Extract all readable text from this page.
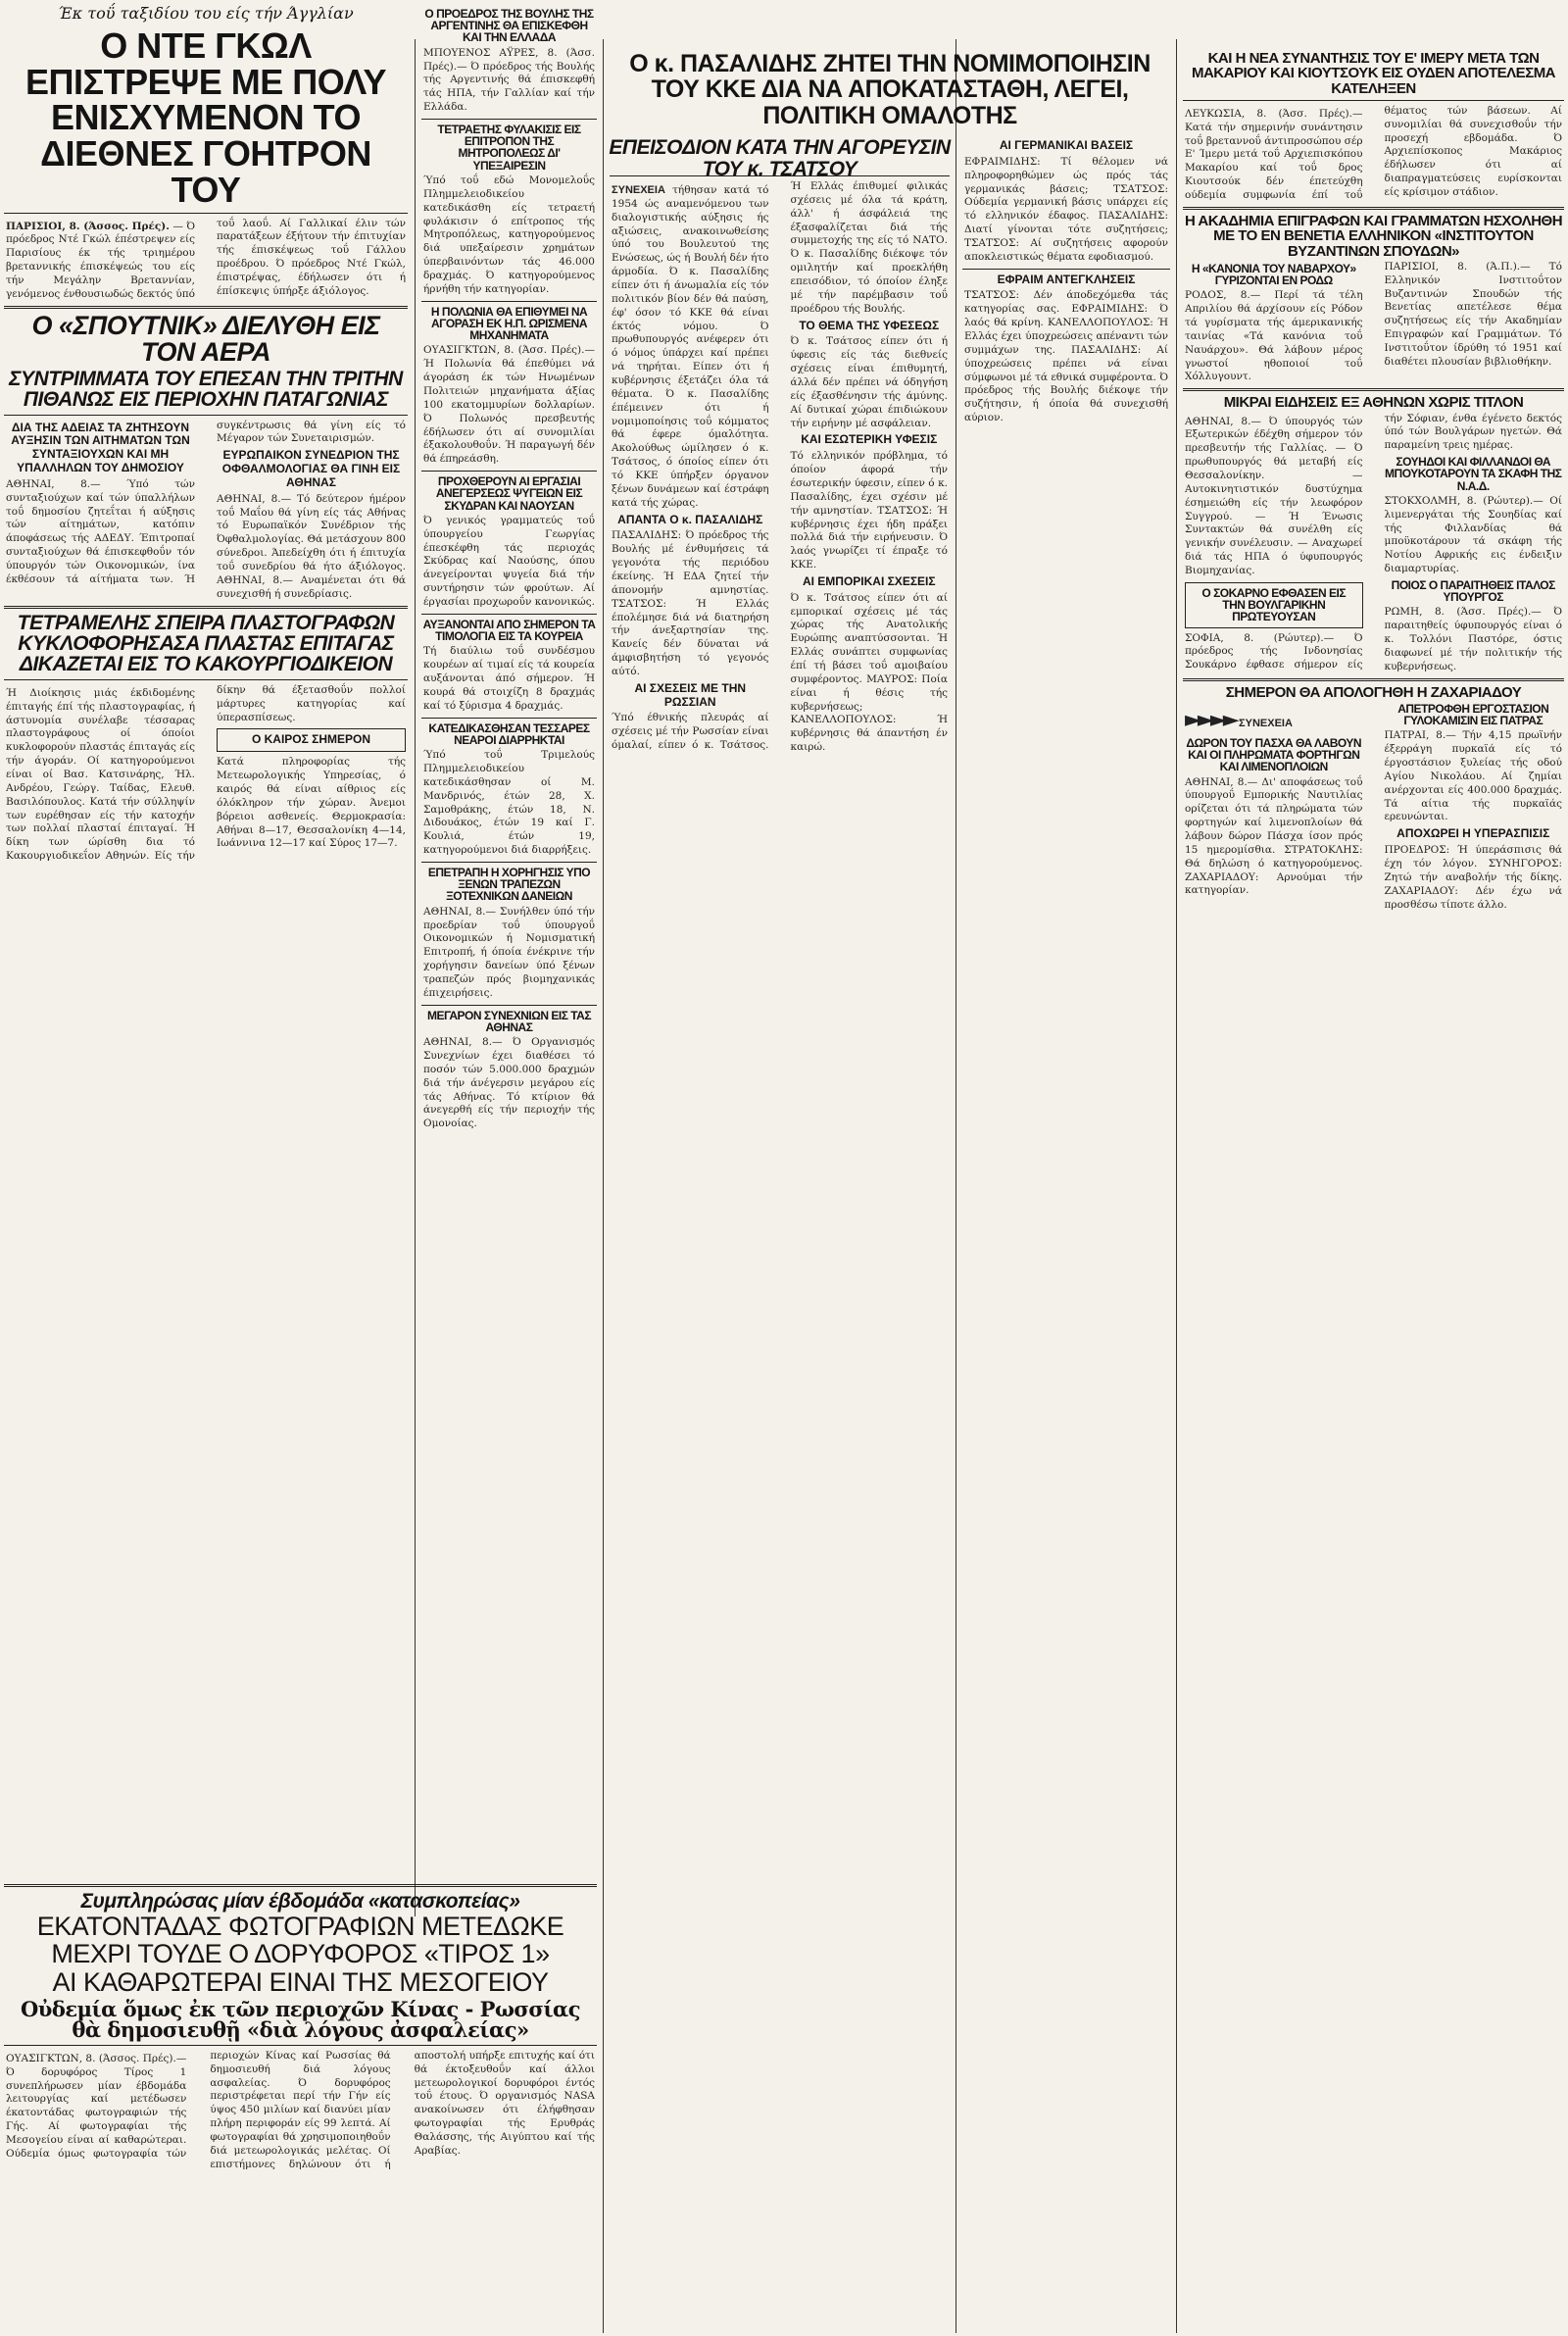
Έκ τοΰ ταξιδίου του είς τήν Άγγλίαν
Ο ΝΤΕ ΓΚΩΛ ΕΠΙΣΤΡΕΨΕ ΜΕ ΠΟΛΥ ΕΝΙΣΧΥΜΕΝΟΝ ΤΟ ΔΙΕΘΝΕΣ ΓΟΗΤΡΟΝ ΤΟΥ
ΠΑΡΙΣΙΟΙ, 8. (Άσσος. Πρές). — Ό πρόεδρος Ντέ Γκώλ έπέστρεψεν είς Παρισίους έκ τής τριημέρου βρεταννικής έπισκέψεώς του είς τήν Μεγάλην Βρεταννίαν, γενόμενος ένθουσιωδώς δεκτός ύπό τοΰ λαοΰ. Αί Γαλλικαί έλιν τών παρατάξεων έξήτουν τήν έπιτυχίαν τής έπισκέψεως τοΰ Γάλλου προέδρου. Ό πρόεδρος Ντέ Γκώλ, έπιστρέψας, έδήλωσεν ότι ή έπίσκεψις ύπήρξε άξιόλογος.
Ο «ΣΠΟΥΤΝΙΚ» ΔΙΕΛΥΘΗ ΕΙΣ ΤΟΝ ΑΕΡΑ
ΣΥΝΤΡΙΜΜΑΤΑ ΤΟΥ ΕΠΕΣΑΝ ΤΗΝ ΤΡΙΤΗΝ ΠΙΘΑΝΩΣ ΕΙΣ ΠΕΡΙΟΧΗΝ ΠΑΤΑΓΩΝΙΑΣ
ΔΙΑ ΤΗΣ ΑΔΕΙΑΣ ΤΑ ΖΗΤΗΣΟΥΝ ΑΥΞΗΣΙΝ ΤΩΝ ΑΙΤΗΜΑΤΩΝ ΤΩΝ ΣΥΝΤΑΞΙΟΥΧΩΝ ΚΑΙ ΜΗ ΥΠΑΛΛΗΛΩΝ ΤΟΥ ΔΗΜΟΣΙΟΥ
ΑΘΗΝΑΙ, 8.— Ύπό τών συνταξιούχων καί τών ύπαλλήλων τοΰ δημοσίου ζητεΐται ή αύξησις τών αίτημάτων, κατόπιν άποφάσεως τής ΑΔΕΔΥ. Έπιτροπαί συνταξιούχων θά έπισκεφθοΰν τόν ύπουργόν τών Οικονομικών, ίνα έκθέσουν τά αίτήματα των. Ή συγκέντρωσις θά γίνη είς τό Μέγαρον τών Συνεταιρισμών.
ΕΥΡΩΠΑΙΚΟΝ ΣΥΝΕΔΡΙΟΝ ΤΗΣ ΟΦΘΑΛΜΟΛΟΓΙΑΣ ΘΑ ΓΙΝΗ ΕΙΣ ΑΘΗΝΑΣ
ΑΘΗΝΑΙ, 8.— Τό δεύτερον ήμέρον τοΰ Μαΐου θά γίνη είς τάς Αθήνας τό Ευρωπαϊκόν Συνέδριον τής Όφθαλμολογίας. Θά μετάσχουν 800 σύνεδροι. Άπεδείχθη ότι ή έπιτυχία τοΰ συνεδρίου θά ήτο άξιόλογος. ΑΘΗΝΑΙ, 8.— Αναμένεται ότι θά συνεχισθή ή συνεδρίασις.
ΤΕΤΡΑΜΕΛΗΣ ΣΠΕΙΡΑ ΠΛΑΣΤΟΓΡΑΦΩΝ ΚΥΚΛΟΦΟΡΗΣΑΣΑ ΠΛΑΣΤΑΣ ΕΠΙΤΑΓΑΣ ΔΙΚΑΖΕΤΑΙ ΕΙΣ ΤΟ ΚΑΚΟΥΡΓΙΟΔΙΚΕΙΟΝ
Ή Διοίκησις μιάς έκδιδομένης έπιταγής έπί τής πλαστογραφίας, ή άστυνομία συνέλαβε τέσσαρας πλαστογράφους οί όποίοι κυκλοφορούν πλαστάς έπιταγάς είς τήν άγοράν. Οί κατηγορούμενοι είναι οί Βασ. Κατσινάρης, Ήλ. Ανδρέου, Γεώργ. Ταίδας, Ελευθ. Βασιλόπουλος. Κατά τήν σύλληψίν των ευρέθησαν είς τήν κατοχήν των πολλαί πλασταί έπιταγαί. Ή δίκη των ώρίσθη δια τό Κακουργιοδικεΐον Αθηνών. Είς τήν δίκην θά έξετασθοΰν πολλοί μάρτυρες κατηγορίας καί ύπερασπίσεως.
Ο ΚΑΙΡΟΣ ΣΗΜΕΡΟΝ
Κατά πληροφορίας τής Μετεωρολογικής Υπηρεσίας, ό καιρός θά είναι αίθριος είς όλόκληρον τήν χώραν. Άνεμοι βόρειοι ασθενείς. Θερμοκρασία: Αθήναι 8—17, Θεσσαλονίκη 4—14, Ιωάννινα 12—17 καί Σύρος 17—7.
Ο ΠΡΟΕΔΡΟΣ ΤΗΣ ΒΟΥΛΗΣ ΤΗΣ ΑΡΓΕΝΤΙΝΗΣ ΘΑ ΕΠΙΣΚΕΦΘΗ ΚΑΙ ΤΗΝ ΕΛΛΑΔΑ
ΜΠΟΥΕΝΟΣ ΑΫΡΕΣ, 8. (Άσσ. Πρές).— Ό πρόεδρος τής Βουλής τής Αργεντινής θά έπισκεφθή τάς ΗΠΑ, τήν Γαλλίαν καί τήν Ελλάδα.
ΤΕΤΡΑΕΤΗΣ ΦΥΛΑΚΙΣΙΣ ΕΙΣ ΕΠΙΤΡΟΠΟΝ ΤΗΣ ΜΗΤΡΟΠΟΛΕΩΣ ΔΙ' ΥΠΕΞΑΙΡΕΣΙΝ
Ύπό τοΰ εδώ Μονομελοΰς Πλημμελειοδικείου κατεδικάσθη είς τετραετή φυλάκισιν ό επίτροπος τής Μητροπόλεως, κατηγορούμενος διά υπεξαίρεσιν χρημάτων ύπερβαινόντων τάς 46.000 δραχμάς. Ό κατηγορούμενος ήρνήθη τήν κατηγορίαν.
Η ΠΟΛΩΝΙΑ ΘΑ ΕΠΙΘΥΜΕΙ ΝΑ ΑΓΟΡΑΣΗ ΕΚ Η.Π. ΩΡΙΣΜΕΝΑ ΜΗΧΑΝΗΜΑΤΑ
ΟΥΑΣΙΓΚΤΩΝ, 8. (Άσσ. Πρές).— Ή Πολωνία θά έπεθύμει νά άγοράση έκ τών Ηνωμένων Πολιτειών μηχανήματα άξίας 100 εκατομμυρίων δολλαρίων. Ό Πολωνός πρεσβευτής έδήλωσεν ότι αί συνομιλίαι έξακολουθοΰν. Ή παραγωγή δέν θά έπηρεάσθη.
ΠΡΟΧΘΕΡΟΥΝ ΑΙ ΕΡΓΑΣΙΑΙ ΑΝΕΓΕΡΣΕΩΣ ΨΥΓΕΙΩΝ ΕΙΣ ΣΚΥΔΡΑΝ ΚΑΙ ΝΑΟΥΣΑΝ
Ό γενικός γραμματεύς τοΰ ύπουργείου Γεωργίας έπεσκέφθη τάς περιοχάς Σκύδρας καί Ναούσης, όπου άνεγείρονται ψυγεία διά τήν συντήρησιν τών φρούτων. Αί έργασίαι προχωροΰν κανονικώς.
ΑΥΞΑΝΟΝΤΑΙ ΑΠΟ ΣΗΜΕΡΟΝ ΤΑ ΤΙΜΟΛΟΓΙΑ ΕΙΣ ΤΑ ΚΟΥΡΕΙΑ
Τή διαύλιω τοΰ συνδέσμου κουρέων αί τιμαί είς τά κουρεία αυξάνονται άπό σήμερον. Ή κουρά θά στοιχίζη 8 δραχμάς καί τό ξύρισμα 4 δραχμάς.
ΚΑΤΕΔΙΚΑΣΘΗΣΑΝ ΤΕΣΣΑΡΕΣ ΝΕΑΡΟΙ ΔΙΑΡΡΗΚΤΑΙ
Ύπό τοΰ Τριμελούς Πλημμελειοδικείου κατεδικάσθησαν οί Μ. Μανδρινός, έτών 28, Χ. Σαμοθράκης, έτών 18, Ν. Διδουάκος, έτών 19 καί Γ. Κουλιά, έτών 19, κατηγορούμενοι διά διαρρήξεις.
ΕΠΕΤΡΑΠΗ Η ΧΟΡΗΓΗΣΙΣ ΥΠΟ ΞΕΝΩΝ ΤΡΑΠΕΖΩΝ ΞΟΤΕΧΝΙΚΩΝ ΔΑΝΕΙΩΝ
ΑΘΗΝΑΙ, 8.— Συνήλθεν ύπό τήν προεδρίαν τοΰ ύπουργοΰ Οικονομικών ή Νομισματική Επιτροπή, ή όποία ένέκρινε τήν χορήγησιν δανείων ύπό ξένων τραπεζών πρός βιομηχανικάς έπιχειρήσεις.
ΜΕΓΑΡΟΝ ΣΥΝΕΧΝΙΩΝ ΕΙΣ ΤΑΣ ΑΘΗΝΑΣ
ΑΘΗΝΑΙ, 8.— Ό Οργανισμός Συνεχνίων έχει διαθέσει τό ποσόν τών 5.000.000 δραχμών διά τήν άνέγερσιν μεγάρου είς τάς Αθήνας. Τό κτίριον θά άνεγερθή είς τήν περιοχήν τής Ομονοίας.
Ο κ. ΠΑΣΑΛΙΔΗΣ ΖΗΤΕΙ ΤΗΝ ΝΟΜΙΜΟΠΟΙΗΣΙΝ ΤΟΥ ΚΚΕ ΔΙΑ ΝΑ ΑΠΟΚΑΤΑΣΤΑΘΗ, ΛΕΓΕΙ, ΠΟΛΙΤΙΚΗ ΟΜΑΛΟΤΗΣ
ΕΠΕΙΣΟΔΙΟΝ ΚΑΤΑ ΤΗΝ ΑΓΟΡΕΥΣΙΝ ΤΟΥ κ. ΤΣΑΤΣΟΥ
ΣΥΝΕΧΕΙΑ τήθησαν κατά τό 1954 ώς αναμενόμενου των διαλογιστικής αύξησις ής αξιώσεις, ανακοινωθείσης ύπό του Βουλευτού της Ενώσεως, ώς ή Βουλή δέν ήτο άρμοδία. Ό κ. Πασαλίδης είπεν ότι ή άνωμαλία είς τόν πολιτικόν βίον δέν θά παύση, έφ' όσον τό ΚΚΕ θά είναι έκτός νόμου. Ό πρωθυπουργός ανέφερεν ότι ό νόμος ύπάρχει καί πρέπει νά τηρήται. Είπεν ότι ή κυβέρνησις έξετάζει όλα τά θέματα. Ό κ. Πασαλίδης έπέμεινεν ότι ή νομιμοποίησις τοΰ κόμματος θά έφερε όμαλότητα. Ακολούθως ώμίλησεν ό κ. Τσάτσος, ό όποίος είπεν ότι τό ΚΚΕ ύπήρξεν όργανον ξένων δυνάμεων καί έστράφη κατά τής χώρας.
ΑΠΑΝΤΑ Ο κ. ΠΑΣΑΛΙΔΗΣ
ΠΑΣΑΛΙΔΗΣ: Ό πρόεδρος τής Βουλής μέ ένθυμήσεις τά γεγονότα τής περιόδου έκείνης. Ή ΕΔΑ ζητεί τήν άπονομήν αμνηστίας. ΤΣΑΤΣΟΣ: Ή Ελλάς έπολέμησε διά νά διατηρήση τήν άνεξαρτησίαν της. Κανείς δέν δύναται νά άμφισβητήση τό γεγονός αύτό.
ΑΙ ΣΧΕΣΕΙΣ ΜΕ ΤΗΝ ΡΩΣΣΙΑΝ
Ύπό έθνικής πλευράς αί σχέσεις μέ τήν Ρωσσίαν είναι όμαλαί, είπεν ό κ. Τσάτσος. Ή Ελλάς έπιθυμεί φιλικάς σχέσεις μέ όλα τά κράτη, άλλ' ή άσφάλειά της έξασφαλίζεται διά τής συμμετοχής της είς τό ΝΑΤΟ. Ό κ. Πασαλίδης διέκοψε τόν ομιλητήν καί προεκλήθη επεισόδιον, τό όποίον έληξε μέ τήν παρέμβασιν τοΰ προέδρου τής Βουλής.
ΤΟ ΘΕΜΑ ΤΗΣ ΥΦΕΣΕΩΣ
Ό κ. Τσάτσος είπεν ότι ή ύφεσις είς τάς διεθνείς σχέσεις είναι έπιθυμητή, άλλά δέν πρέπει νά όδηγήση είς έξασθένησιν τής άμύνης. Αί δυτικαί χώραι έπιδιώκουν τήν ειρήνην μέ ασφάλειαν.
ΚΑΙ ΕΣΩΤΕΡΙΚΗ ΥΦΕΣΙΣ
Τό ελληνικόν πρόβλημα, τό όποίον άφορά τήν έσωτερικήν ύφεσιν, είπεν ό κ. Πασαλίδης, έχει σχέσιν μέ τήν αμνηστίαν. ΤΣΑΤΣΟΣ: Ή κυβέρνησις έχει ήδη πράξει πολλά διά τήν ειρήνευσιν. Ό λαός γνωρίζει τί έπραξε τό ΚΚΕ.
ΑΙ ΕΜΠΟΡΙΚΑΙ ΣΧΕΣΕΙΣ
Ό κ. Τσάτσος είπεν ότι αί εμπορικαί σχέσεις μέ τάς χώρας τής Ανατολικής Ευρώπης αναπτύσσονται. Ή Ελλάς συνάπτει συμφωνίας έπί τή βάσει τοΰ αμοιβαίου συμφέροντος. ΜΑΥΡΟΣ: Ποία είναι ή θέσις τής κυβερνήσεως; ΚΑΝΕΛΛΟΠΟΥΛΟΣ: Ή κυβέρνησις θά άπαντήση έν καιρώ.
ΑΙ ΓΕΡΜΑΝΙΚΑΙ ΒΑΣΕΙΣ
ΕΦΡΑΙΜΙΔΗΣ: Τί θέλομεν νά πληροφορηθώμεν ώς πρός τάς γερμανικάς βάσεις; ΤΣΑΤΣΟΣ: Ούδεμία γερμανική βάσις υπάρχει είς τό ελληνικόν έδαφος. ΠΑΣΑΛΙΔΗΣ: Διατί γίνονται τότε συζητήσεις; ΤΣΑΤΣΟΣ: Αί συζητήσεις αφορούν αποκλειστικώς θέματα εφοδιασμού.
ΕΦΡΑΙΜ ΑΝΤΕΓΚΛΗΣΕΙΣ
ΤΣΑΤΣΟΣ: Δέν άποδεχόμεθα τάς κατηγορίας σας. ΕΦΡΑΙΜΙΔΗΣ: Ό λαός θά κρίνη. ΚΑΝΕΛΛΟΠΟΥΛΟΣ: Ή Ελλάς έχει ύποχρεώσεις απέναντι τών συμμάχων της. ΠΑΣΑΛΙΔΗΣ: Αί ύποχρεώσεις πρέπει νά είναι σύμφωνοι μέ τά εθνικά συμφέροντα. Ό πρόεδρος τής Βουλής διέκοψε τήν συζήτησιν, ή όποία θά συνεχισθή αύριον.
ΚΑΙ Η ΝΕΑ ΣΥΝΑΝΤΗΣΙΣ ΤΟΥ Ε' ΙΜΕΡΥ ΜΕΤΑ ΤΩΝ ΜΑΚΑΡΙΟΥ ΚΑΙ ΚΙΟΥΤΣΟΥΚ ΕΙΣ ΟΥΔΕΝ ΑΠΟΤΕΛΕΣΜΑ ΚΑΤΕΛΗΞΕΝ
ΛΕΥΚΩΣΙΑ, 8. (Άσσ. Πρές).— Κατά τήν σημερινήν συνάντησιν τοΰ βρεταννοΰ άντιπροσώπου σέρ Ε' Ίμερυ μετά τοΰ Αρχιεπισκόπου Μακαρίου καί τοΰ δρος Κιουτσούκ δέν έπετεύχθη ούδεμία συμφωνία έπί τοΰ θέματος τών βάσεων. Αί συνομιλίαι θά συνεχισθοΰν τήν προσεχή εβδομάδα. Ό Αρχιεπίσκοπος Μακάριος έδήλωσεν ότι αί διαπραγματεύσεις ευρίσκονται είς κρίσιμον στάδιον.
Η ΑΚΑΔΗΜΙΑ ΕΠΙΓΡΑΦΩΝ ΚΑΙ ΓΡΑΜΜΑΤΩΝ ΗΣΧΟΛΗΘΗ ΜΕ ΤΟ ΕΝ ΒΕΝΕΤΙΑ ΕΛΛΗΝΙΚΟΝ «ΙΝΣΤΙΤΟΥΤΟΝ ΒΥΖΑΝΤΙΝΩΝ ΣΠΟΥΔΩΝ»
Η «ΚΑΝΟΝΙΑ ΤΟΥ ΝΑΒΑΡΧΟΥ» ΓΥΡΙΖΟΝΤΑΙ ΕΝ ΡΟΔΩ
ΡΟΔΟΣ, 8.— Περί τά τέλη Απριλίου θά άρχίσουν είς Ρόδον τά γυρίσματα τής άμερικανικής ταινίας «Τά κανόνια τοΰ Ναυάρχου». Θά λάβουν μέρος γνωστοί ηθοποιοί τοΰ Χόλλυγουντ.
ΠΑΡΙΣΙΟΙ, 8. (Ά.Π.).— Τό Ελληνικόν Ινστιτοΰτον Βυζαντινών Σπουδών τής Βενετίας απετέλεσε θέμα συζητήσεως είς τήν Ακαδημίαν Επιγραφών καί Γραμμάτων. Τό Ινστιτοΰτον ίδρύθη τό 1951 καί διαθέτει πλουσίαν βιβλιοθήκην.
ΜΙΚΡΑΙ ΕΙΔΗΣΕΙΣ ΕΞ ΑΘΗΝΩΝ ΧΩΡΙΣ ΤΙΤΛΟΝ
ΑΘΗΝΑΙ, 8.— Ό ύπουργός τών Εξωτερικών έδέχθη σήμερον τόν πρεσβευτήν τής Γαλλίας. — Ό πρωθυπουργός θά μεταβή είς Θεσσαλονίκην. — Αυτοκινητιστικόν δυστύχημα έσημειώθη είς τήν λεωφόρον Συγγρού. — Ή Ένωσις Συντακτών θά συνέλθη είς γενικήν συνέλευσιν. — Αναχωρεί διά τάς ΗΠΑ ό ύφυπουργός Βιομηχανίας.
Ο ΣΟΚΑΡΝΟ ΕΦΘΑΣΕΝ ΕΙΣ ΤΗΝ ΒΟΥΛΓΑΡΙΚΗΝ ΠΡΩΤΕΥΟΥΣΑΝ
ΣΟΦΙΑ, 8. (Ρώυτερ).— Ό πρόεδρος τής Ινδονησίας Σουκάρνο έφθασε σήμερον είς τήν Σόφιαν, ένθα έγένετο δεκτός ύπό τών Βουλγάρων ηγετών. Θά παραμείνη τρεις ημέρας.
ΣΟΥΗΔΟΙ ΚΑΙ ΦΙΛΛΑΝΔΟΙ ΘΑ ΜΠΟΥΚΟΤΑΡΟΥΝ ΤΑ ΣΚΑΦΗ ΤΗΣ Ν.Α.Δ.
ΣΤΟΚΧΟΛΜΗ, 8. (Ρώυτερ).— Οί λιμενεργάται τής Σουηδίας καί τής Φιλλανδίας θά μποϋκοτάρουν τά σκάφη τής Νοτίου Αφρικής εις ένδειξιν διαμαρτυρίας.
ΠΟΙΟΣ Ο ΠΑΡΑΙΤΗΘΕΙΣ ΙΤΑΛΟΣ ΥΠΟΥΡΓΟΣ
ΡΩΜΗ, 8. (Άσσ. Πρές).— Ό παραιτηθείς ύφυπουργός είναι ό κ. Τολλόνι Παστόρε, όστις διαφωνεί μέ τήν πολιτικήν τής κυβερνήσεως.
ΣΗΜΕΡΟΝ ΘΑ ΑΠΟΛΟΓΗΘΗ Η ΖΑΧΑΡΙΑΔΟΥ
►►►► ΣΥΝΕΧΕΙΑ
ΔΩΡΟΝ ΤΟΥ ΠΑΣΧΑ ΘΑ ΛΑΒΟΥΝ ΚΑΙ ΟΙ ΠΛΗΡΩΜΑΤΑ ΦΟΡΤΗΓΩΝ ΚΑΙ ΛΙΜΕΝΟΠΛΟΙΩΝ
ΑΘΗΝΑΙ, 8.— Δι' αποφάσεως τοΰ ύπουργοΰ Εμπορικής Ναυτιλίας ορίζεται ότι τά πληρώματα τών φορτηγών καί λιμενοπλοίων θά λάβουν δώρον Πάσχα ίσον πρός 15 ημερομίσθια. ΣΤΡΑΤΟΚΛΗΣ: Θά δηλώση ό κατηγορούμενος. ΖΑΧΑΡΙΑΔΟΥ: Αρνούμαι τήν κατηγορίαν.
ΑΠΕΤΡΟΦΘΗ ΕΡΓΟΣΤΑΣΙΟΝ ΓΥΛΟΚΑΜΙΣΙΝ ΕΙΣ ΠΑΤΡΑΣ
ΠΑΤΡΑΙ, 8.— Τήν 4,15 πρωϊνήν έξερράγη πυρκαϊά είς τό έργοστάσιον ξυλείας τής οδού Αγίου Νικολάου. Αί ζημίαι ανέρχονται είς 400.000 δραχμάς. Τά αίτια τής πυρκαϊάς ερευνώνται.
ΑΠΟΧΩΡΕΙ Η ΥΠΕΡΑΣΠΙΣΙΣ
ΠΡΟΕΔΡΟΣ: Ή ύπεράσπισις θά έχη τόν λόγον. ΣΥΝΗΓΟΡΟΣ: Ζητώ τήν αναβολήν τής δίκης. ΖΑΧΑΡΙΑΔΟΥ: Δέν έχω νά προσθέσω τίποτε άλλο.
Συμπληρώσας μίαν έβδομάδα «κατασκοπείας»
ΕΚΑΤΟΝΤΑΔΑΣ ΦΩΤΟΓΡΑΦΙΩΝ ΜΕΤΕΔΩΚΕ ΜΕΧΡΙ ΤΟΥΔΕ Ο ΔΟΡΥΦΟΡΟΣ «ΤΙΡΟΣ 1»
ΑΙ ΚΑΘΑΡΩΤΕΡΑΙ ΕΙΝΑΙ ΤΗΣ ΜΕΣΟΓΕΙΟΥ
Οὐδεμία ὅμως ἐκ τῶν περιοχῶν Κίνας - Ρωσσίας θὰ δημοσιευθῇ «διὰ λόγους ἀσφαλείας»
ΟΥΑΣΙΓΚΤΩΝ, 8. (Άσσος. Πρές).— Ό δορυφόρος Τίρος 1 συνεπλήρωσεν μίαν έβδομάδα λειτουργίας καί μετέδωσεν έκατοντάδας φωτογραφιών τής Γής. Αί φωτογραφίαι τής Μεσογείου είναι αί καθαρώτεραι. Ούδεμία όμως φωτογραφία τών περιοχών Κίνας καί Ρωσσίας θά δημοσιευθή διά λόγους ασφαλείας. Ό δορυφόρος περιστρέφεται περί τήν Γήν είς ύψος 450 μιλίων καί διανύει μίαν πλήρη περιφοράν είς 99 λεπτά. Αί φωτογραφίαι θά χρησιμοποιηθοΰν διά μετεωρολογικάς μελέτας. Οί επιστήμονες δηλώνουν ότι ή αποστολή υπήρξε επιτυχής καί ότι θά έκτοξευθοΰν καί άλλοι μετεωρολογικοί δορυφόροι έντός τοΰ έτους. Ό οργανισμός NASA ανακοίνωσεν ότι έλήφθησαν φωτογραφίαι τής Ερυθράς Θαλάσσης, τής Αιγύπτου καί τής Αραβίας.
